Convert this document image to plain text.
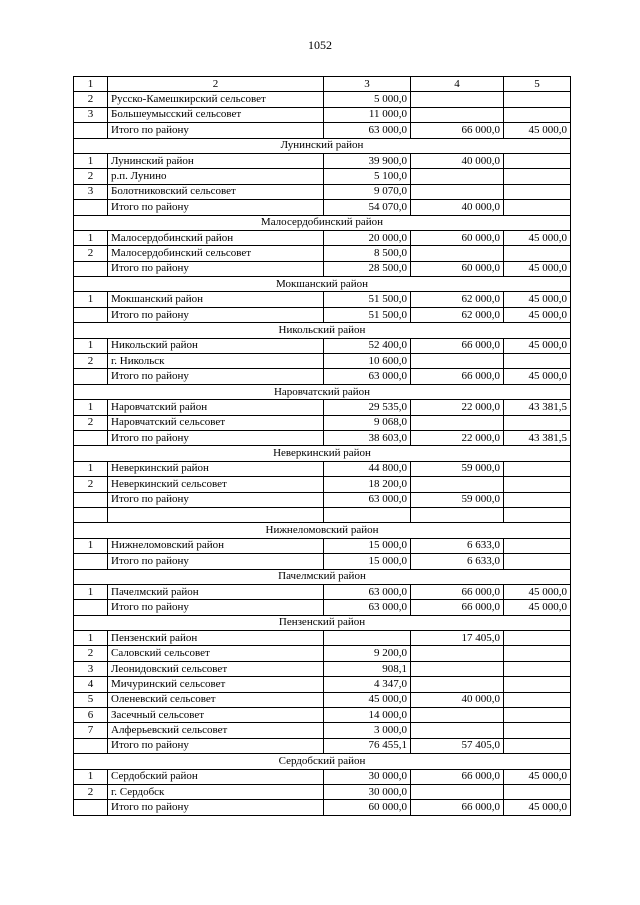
1052
1	2	3	4	5
2	Русско-Камешкирский сельсовет	5 000,0		
3	Большеумысский сельсовет	11 000,0		
	Итого по району	63 000,0	66 000,0	45 000,0
Лунинский район				
1	Лунинский район	39 900,0	40 000,0	
2	р.п. Лунино	5 100,0		
3	Болотниковский сельсовет	9 070,0		
	Итого по району	54 070,0	40 000,0	
Малосердобинский район				
1	Малосердобинский район	20 000,0	60 000,0	45 000,0
2	Малосердобинский сельсовет	8 500,0		
	Итого по району	28 500,0	60 000,0	45 000,0
Мокшанский район				
1	Мокшанский район	51 500,0	62 000,0	45 000,0
	Итого по району	51 500,0	62 000,0	45 000,0
Никольский район				
1	Никольский район	52 400,0	66 000,0	45 000,0
2	г. Никольск	10 600,0		
	Итого по району	63 000,0	66 000,0	45 000,0
Наровчатский район				
1	Наровчатский район	29 535,0	22 000,0	43 381,5
2	Наровчатский сельсовет	9 068,0		
	Итого по району	38 603,0	22 000,0	43 381,5
Неверкинский район				
1	Неверкинский район	44 800,0	59 000,0	
2	Неверкинский сельсовет	18 200,0		
	Итого по району	63 000,0	59 000,0	

Нижнеломовский район				
1	Нижнеломовский район	15 000,0	6 633,0	
	Итого по району	15 000,0	6 633,0	
Пачелмский район				
1	Пачелмский район	63 000,0	66 000,0	45 000,0
	Итого по району	63 000,0	66 000,0	45 000,0
Пензенский район				
1	Пензенский район		17 405,0	
2	Саловский сельсовет	9 200,0		
3	Леонидовский сельсовет	908,1		
4	Мичуринский сельсовет	4 347,0		
5	Оленевский сельсовет	45 000,0	40 000,0	
6	Засечный сельсовет	14 000,0		
7	Алферьевский сельсовет	3 000,0		
	Итого по району	76 455,1	57 405,0	
Сердобский район				
1	Сердобский район	30 000,0	66 000,0	45 000,0
2	г. Сердобск	30 000,0		
	Итого по району	60 000,0	66 000,0	45 000,0
